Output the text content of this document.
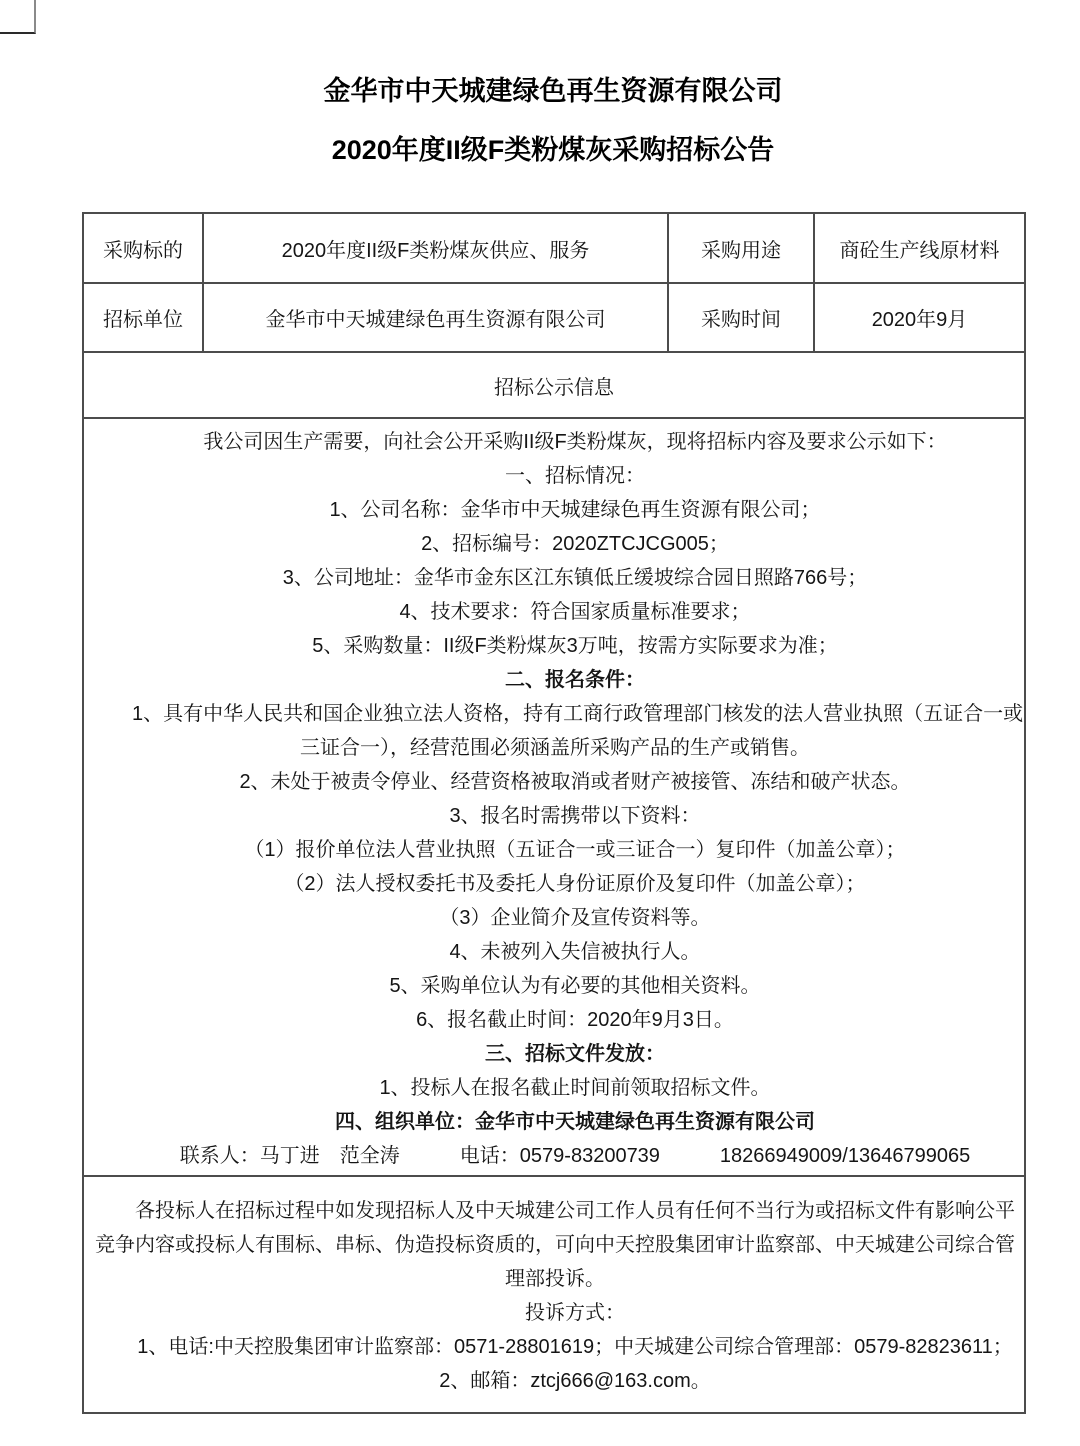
金华市中天城建绿色再生资源有限公司
2020年度II级F类粉煤灰采购招标公告
采购标的	2020年度II级F类粉煤灰供应、服务	采购用途	商砼生产线原材料
招标单位	金华市中天城建绿色再生资源有限公司	采购时间	2020年9月
招标公示信息			

我公司因生产需要，向社会公开采购II级F类粉煤灰，现将招标内容及要求公示如下：
一、招标情况：
1、公司名称：金华市中天城建绿色再生资源有限公司；
2、招标编号：2020ZTCJCG005；
3、公司地址：金华市金东区江东镇低丘缓坡综合园日照路766号；
4、技术要求：符合国家质量标准要求；
5、采购数量：II级F类粉煤灰3万吨，按需方实际要求为准；
二、报名条件：
1、具有中华人民共和国企业独立法人资格，持有工商行政管理部门核发的法人营业执照（五证合一或
三证合一），经营范围必须涵盖所采购产品的生产或销售。
2、未处于被责令停业、经营资格被取消或者财产被接管、冻结和破产状态。
3、报名时需携带以下资料：
（1）报价单位法人营业执照（五证合一或三证合一）复印件（加盖公章）；
（2）法人授权委托书及委托人身份证原价及复印件（加盖公章）；
（3）企业简介及宣传资料等。
4、未被列入失信被执行人。
5、采购单位认为有必要的其他相关资料。
6、报名截止时间：2020年9月3日。
三、招标文件发放：
1、投标人在报名截止时间前领取招标文件。
四、组织单位：金华市中天城建绿色再生资源有限公司
联系人：马丁进　范全涛　　　电话：0579-83200739　　　18266949009/13646799065

各投标人在招标过程中如发现招标人及中天城建公司工作人员有任何不当行为或招标文件有影响公平
竞争内容或投标人有围标、串标、伪造投标资质的，可向中天控股集团审计监察部、中天城建公司综合管
理部投诉。
投诉方式：
1、电话:中天控股集团审计监察部：0571-28801619；中天城建公司综合管理部：0579-82823611；
2、邮箱：ztcj666@163.com。
